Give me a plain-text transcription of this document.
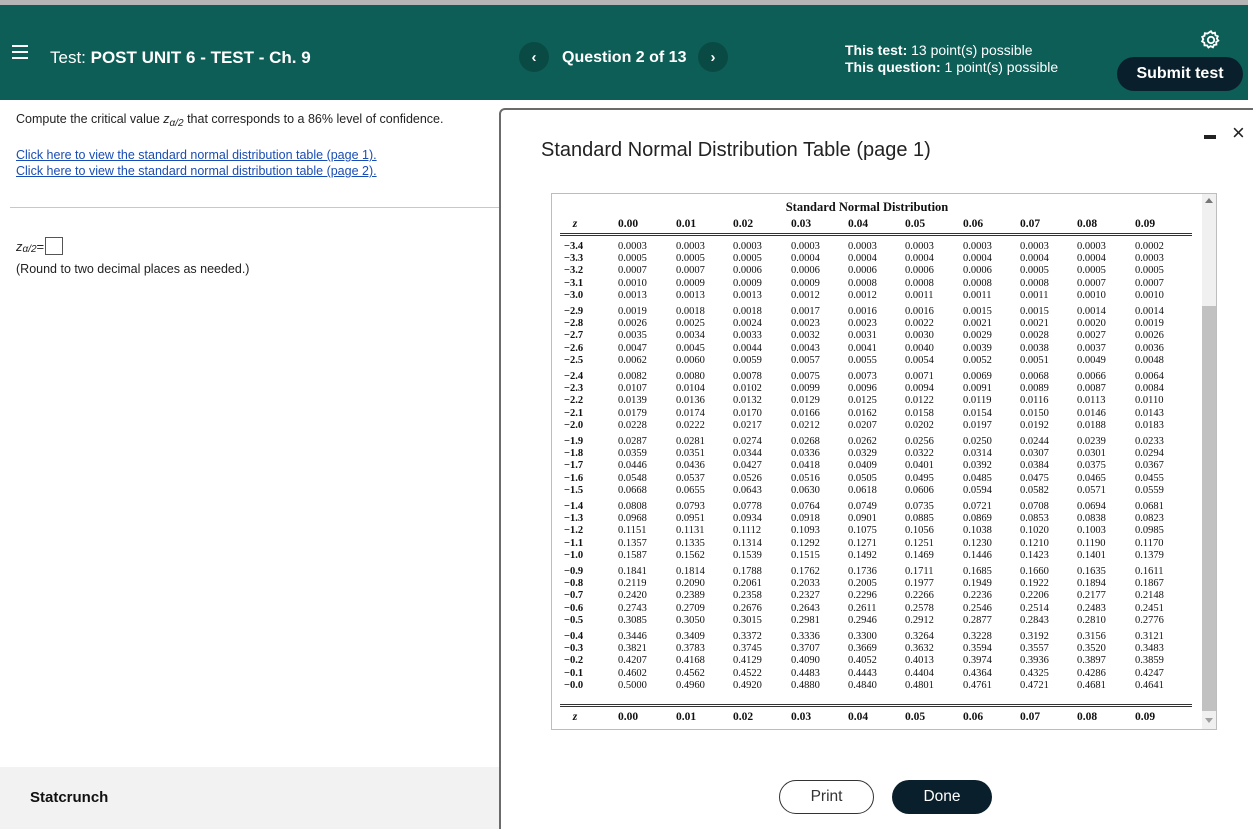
Test: POST UNIT 6 - TEST - Ch. 9	‹ Question 2 of 13 ›	This test: 13 point(s) possible
This question: 1 point(s) possible	Submit test
Compute the critical value $z_{\alpha/2}$ that corresponds to a 86% level of confidence.
Click here to view the standard normal distribution table (page 1).
Click here to view the standard normal distribution table (page 2).
z α/2 =
(Round to two decimal places as needed.)
Statcrunch
Standard Normal Distribution Table (page 1)
×
Standard Normal Distribution
z	0.00	0.01	0.02	0.03	0.04	0.05	0.06	0.07	0.08	0.09
−3.4	0.0003	0.0003	0.0003	0.0003	0.0003	0.0003	0.0003	0.0003	0.0003	0.0002
−3.3	0.0005	0.0005	0.0005	0.0004	0.0004	0.0004	0.0004	0.0004	0.0004	0.0003
−3.2	0.0007	0.0007	0.0006	0.0006	0.0006	0.0006	0.0006	0.0005	0.0005	0.0005
−3.1	0.0010	0.0009	0.0009	0.0009	0.0008	0.0008	0.0008	0.0008	0.0007	0.0007
−3.0	0.0013	0.0013	0.0013	0.0012	0.0012	0.0011	0.0011	0.0011	0.0010	0.0010
−2.9	0.0019	0.0018	0.0018	0.0017	0.0016	0.0016	0.0015	0.0015	0.0014	0.0014
−2.8	0.0026	0.0025	0.0024	0.0023	0.0023	0.0022	0.0021	0.0021	0.0020	0.0019
−2.7	0.0035	0.0034	0.0033	0.0032	0.0031	0.0030	0.0029	0.0028	0.0027	0.0026
−2.6	0.0047	0.0045	0.0044	0.0043	0.0041	0.0040	0.0039	0.0038	0.0037	0.0036
−2.5	0.0062	0.0060	0.0059	0.0057	0.0055	0.0054	0.0052	0.0051	0.0049	0.0048
−2.4	0.0082	0.0080	0.0078	0.0075	0.0073	0.0071	0.0069	0.0068	0.0066	0.0064
−2.3	0.0107	0.0104	0.0102	0.0099	0.0096	0.0094	0.0091	0.0089	0.0087	0.0084
−2.2	0.0139	0.0136	0.0132	0.0129	0.0125	0.0122	0.0119	0.0116	0.0113	0.0110
−2.1	0.0179	0.0174	0.0170	0.0166	0.0162	0.0158	0.0154	0.0150	0.0146	0.0143
−2.0	0.0228	0.0222	0.0217	0.0212	0.0207	0.0202	0.0197	0.0192	0.0188	0.0183
−1.9	0.0287	0.0281	0.0274	0.0268	0.0262	0.0256	0.0250	0.0244	0.0239	0.0233
−1.8	0.0359	0.0351	0.0344	0.0336	0.0329	0.0322	0.0314	0.0307	0.0301	0.0294
−1.7	0.0446	0.0436	0.0427	0.0418	0.0409	0.0401	0.0392	0.0384	0.0375	0.0367
−1.6	0.0548	0.0537	0.0526	0.0516	0.0505	0.0495	0.0485	0.0475	0.0465	0.0455
−1.5	0.0668	0.0655	0.0643	0.0630	0.0618	0.0606	0.0594	0.0582	0.0571	0.0559
−1.4	0.0808	0.0793	0.0778	0.0764	0.0749	0.0735	0.0721	0.0708	0.0694	0.0681
−1.3	0.0968	0.0951	0.0934	0.0918	0.0901	0.0885	0.0869	0.0853	0.0838	0.0823
−1.2	0.1151	0.1131	0.1112	0.1093	0.1075	0.1056	0.1038	0.1020	0.1003	0.0985
−1.1	0.1357	0.1335	0.1314	0.1292	0.1271	0.1251	0.1230	0.1210	0.1190	0.1170
−1.0	0.1587	0.1562	0.1539	0.1515	0.1492	0.1469	0.1446	0.1423	0.1401	0.1379
−0.9	0.1841	0.1814	0.1788	0.1762	0.1736	0.1711	0.1685	0.1660	0.1635	0.1611
−0.8	0.2119	0.2090	0.2061	0.2033	0.2005	0.1977	0.1949	0.1922	0.1894	0.1867
−0.7	0.2420	0.2389	0.2358	0.2327	0.2296	0.2266	0.2236	0.2206	0.2177	0.2148
−0.6	0.2743	0.2709	0.2676	0.2643	0.2611	0.2578	0.2546	0.2514	0.2483	0.2451
−0.5	0.3085	0.3050	0.3015	0.2981	0.2946	0.2912	0.2877	0.2843	0.2810	0.2776
−0.4	0.3446	0.3409	0.3372	0.3336	0.3300	0.3264	0.3228	0.3192	0.3156	0.3121
−0.3	0.3821	0.3783	0.3745	0.3707	0.3669	0.3632	0.3594	0.3557	0.3520	0.3483
−0.2	0.4207	0.4168	0.4129	0.4090	0.4052	0.4013	0.3974	0.3936	0.3897	0.3859
−0.1	0.4602	0.4562	0.4522	0.4483	0.4443	0.4404	0.4364	0.4325	0.4286	0.4247
−0.0	0.5000	0.4960	0.4920	0.4880	0.4840	0.4801	0.4761	0.4721	0.4681	0.4641
z	0.00	0.01	0.02	0.03	0.04	0.05	0.06	0.07	0.08	0.09
Print	Done
